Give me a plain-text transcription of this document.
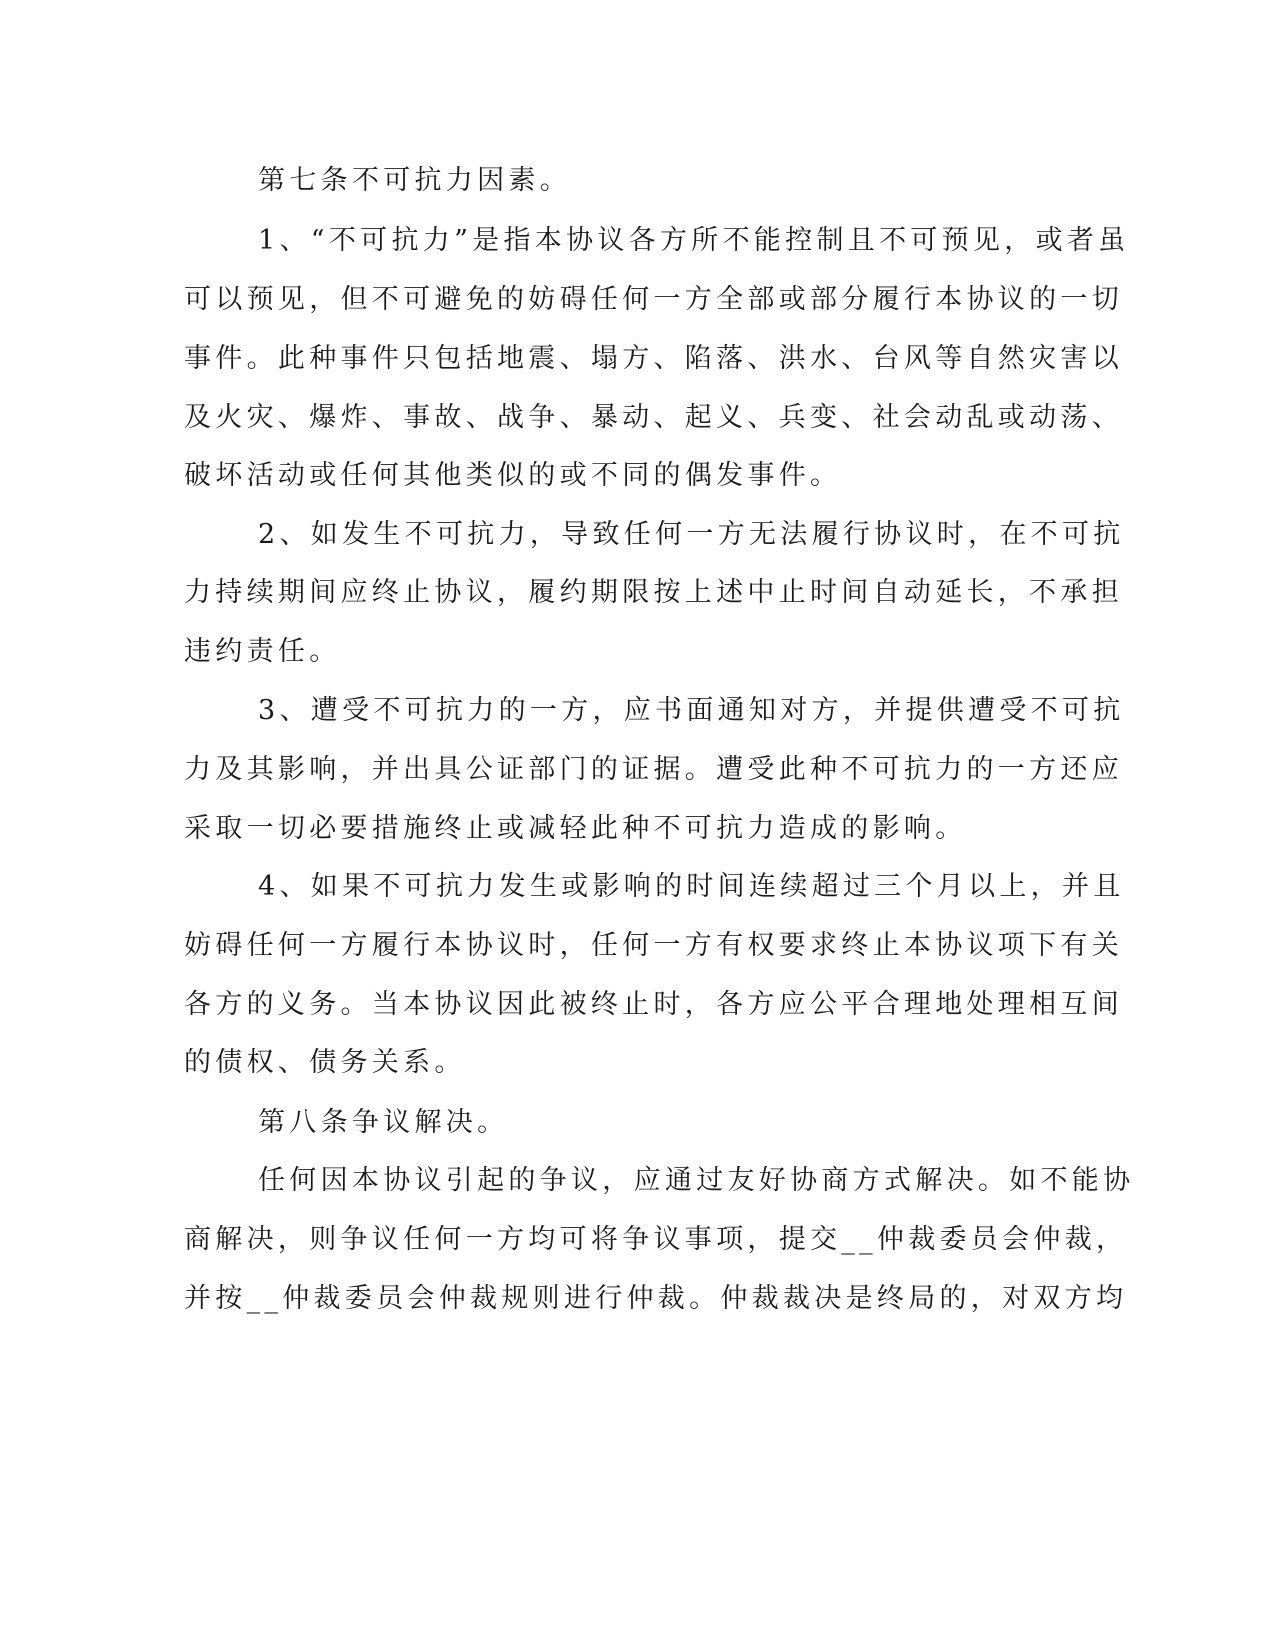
第七条不可抗力因素。
1、“不可抗力”是指本协议各方所不能控制且不可预见，或者虽
可以预见，但不可避免的妨碍任何一方全部或部分履行本协议的一切
事件。此种事件只包括地震、塌方、陷落、洪水、台风等自然灾害以
及火灾、爆炸、事故、战争、暴动、起义、兵变、社会动乱或动荡、
破坏活动或任何其他类似的或不同的偶发事件。
2、如发生不可抗力，导致任何一方无法履行协议时，在不可抗
力持续期间应终止协议，履约期限按上述中止时间自动延长，不承担
违约责任。
3、遭受不可抗力的一方，应书面通知对方，并提供遭受不可抗
力及其影响，并出具公证部门的证据。遭受此种不可抗力的一方还应
采取一切必要措施终止或减轻此种不可抗力造成的影响。
4、如果不可抗力发生或影响的时间连续超过三个月以上，并且
妨碍任何一方履行本协议时，任何一方有权要求终止本协议项下有关
各方的义务。当本协议因此被终止时，各方应公平合理地处理相互间
的债权、债务关系。
第八条争议解决。
任何因本协议引起的争议，应通过友好协商方式解决。如不能协
商解决，则争议任何一方均可将争议事项，提交__仲裁委员会仲裁，
并按__仲裁委员会仲裁规则进行仲裁。仲裁裁决是终局的，对双方均
